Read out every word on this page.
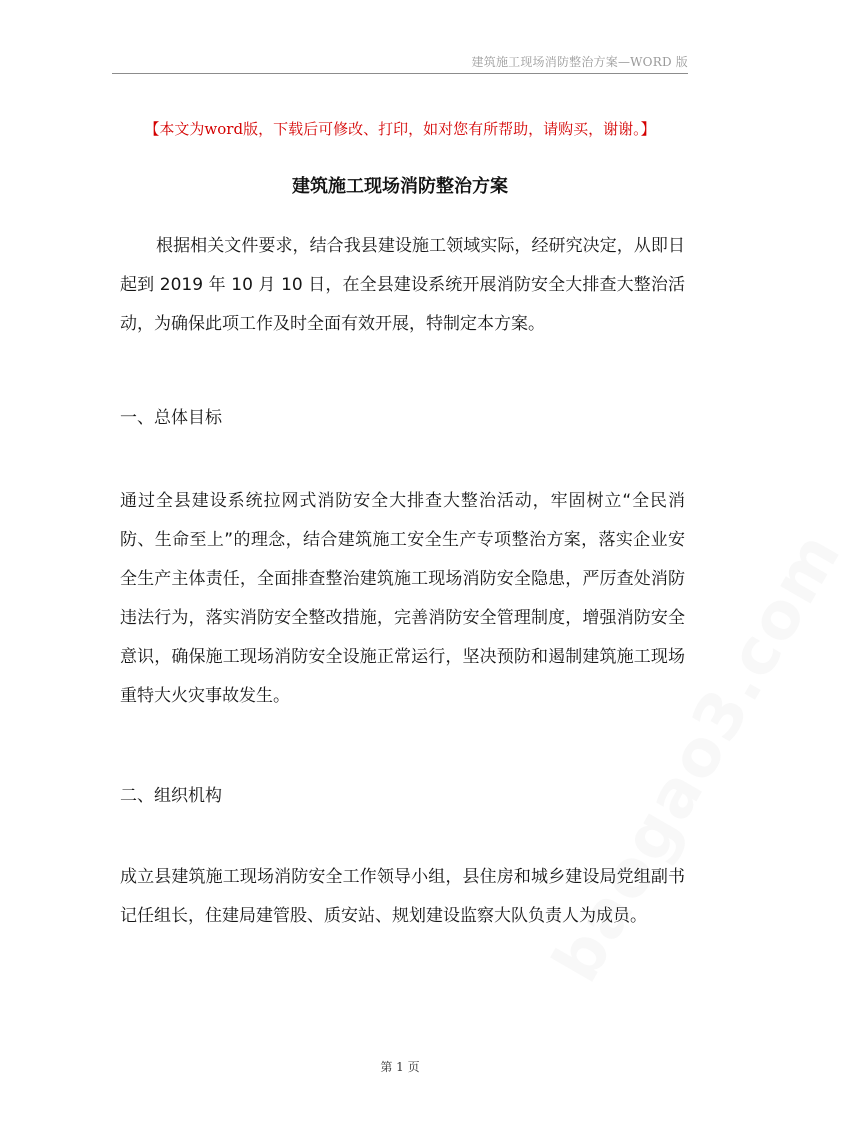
建筑施工现场消防整治方案—WORD 版
baogao3.com
【本文为word版，下载后可修改、打印，如对您有所帮助，请购买，谢谢。】
建筑施工现场消防整治方案

根据相关文件要求，结合我县建设施工领域实际，经研究决定，从即日起到 2019 年 10 月 10 日，在全县建设系统开展消防安全大排查大整治活动，为确保此项工作及时全面有效开展，特制定本方案。

一、总体目标

通过全县建设系统拉网式消防安全大排查大整治活动，牢固树立“全民消防、生命至上”的理念，结合建筑施工安全生产专项整治方案，落实企业安全生产主体责任，全面排查整治建筑施工现场消防安全隐患，严厉查处消防违法行为，落实消防安全整改措施，完善消防安全管理制度，增强消防安全意识，确保施工现场消防安全设施正常运行，坚决预防和遏制建筑施工现场重特大火灾事故发生。

二、组织机构

成立县建筑施工现场消防安全工作领导小组，县住房和城乡建设局党组副书记任组长，住建局建管股、质安站、规划建设监察大队负责人为成员。

第 1 页
